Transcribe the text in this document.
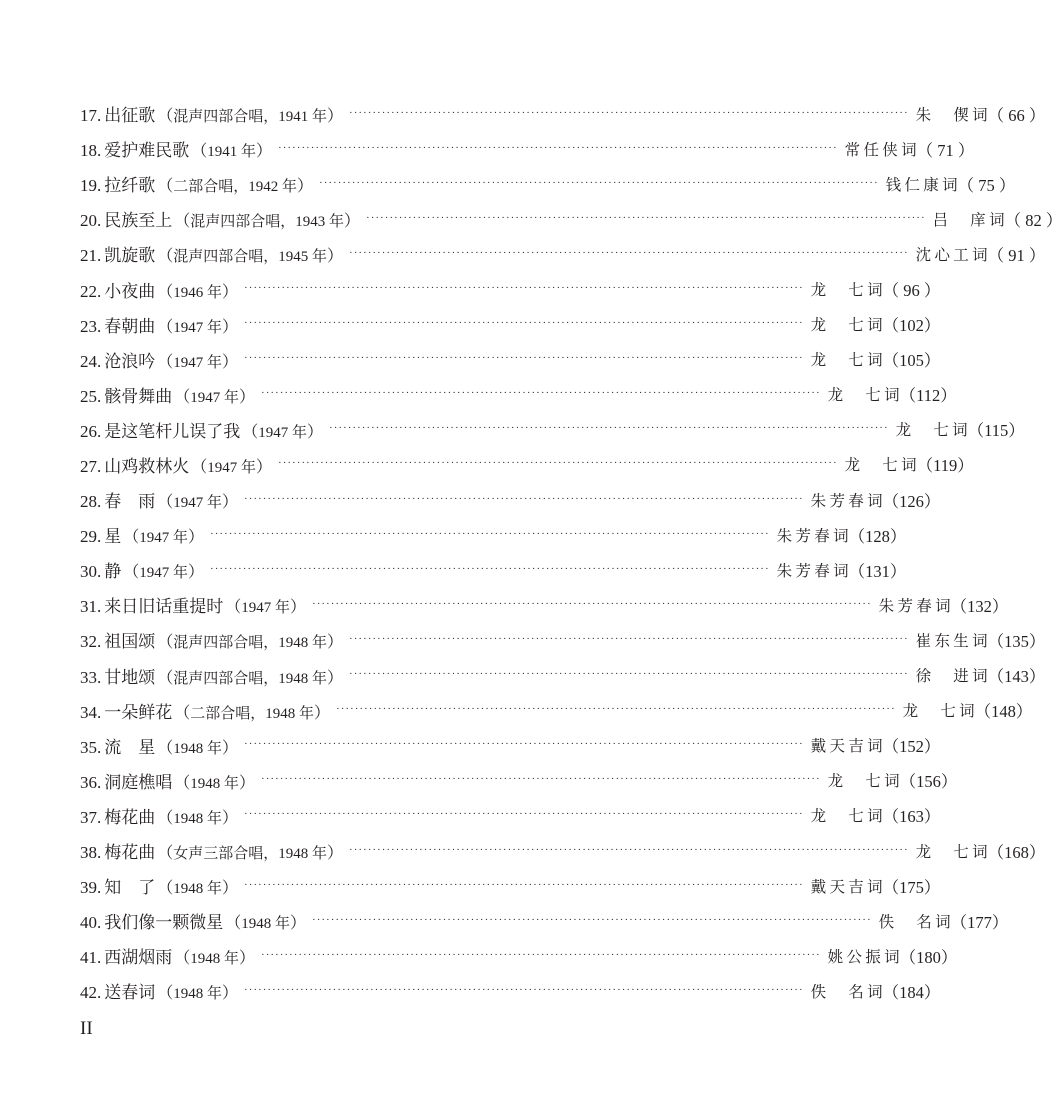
17. 出征歌 （混声四部合唱，1941 年） ························································································································ 朱　偰词 （ 66 ）
18. 爱护难民歌 （1941 年） ························································································································ 常任侠词 （ 71 ）
19. 拉纤歌 （二部合唱，1942 年） ························································································································ 钱仁康词 （ 75 ）
20. 民族至上 （混声四部合唱，1943 年） ························································································································ 吕　庠词 （ 82 ）
21. 凯旋歌 （混声四部合唱，1945 年） ························································································································ 沈心工词 （ 91 ）
22. 小夜曲 （1946 年） ························································································································ 龙　七词 （ 96 ）
23. 春朝曲 （1947 年） ························································································································ 龙　七词 （102）
24. 沧浪吟 （1947 年） ························································································································ 龙　七词 （105）
25. 骸骨舞曲 （1947 年） ························································································································ 龙　七词 （112）
26. 是这笔杆儿误了我 （1947 年） ························································································································ 龙　七词 （115）
27. 山鸡救林火 （1947 年） ························································································································ 龙　七词 （119）
28. 春　雨 （1947 年） ························································································································ 朱芳春词 （126）
29. 星 （1947 年） ························································································································ 朱芳春词 （128）
30. 静 （1947 年） ························································································································ 朱芳春词 （131）
31. 来日旧话重提时 （1947 年） ························································································································ 朱芳春词 （132）
32. 祖国颂 （混声四部合唱，1948 年） ························································································································ 崔东生词 （135）
33. 甘地颂 （混声四部合唱，1948 年） ························································································································ 徐　进词 （143）
34. 一朵鲜花 （二部合唱，1948 年） ························································································································ 龙　七词 （148）
35. 流　星 （1948 年） ························································································································ 戴天吉词 （152）
36. 洞庭樵唱 （1948 年） ························································································································ 龙　七词 （156）
37. 梅花曲 （1948 年） ························································································································ 龙　七词 （163）
38. 梅花曲 （女声三部合唱，1948 年） ························································································································ 龙　七词 （168）
39. 知　了 （1948 年） ························································································································ 戴天吉词 （175）
40. 我们像一颗微星 （1948 年） ························································································································ 佚　名词 （177）
41. 西湖烟雨 （1948 年） ························································································································ 姚公振词 （180）
42. 送春词 （1948 年） ························································································································ 佚　名词 （184）
II
